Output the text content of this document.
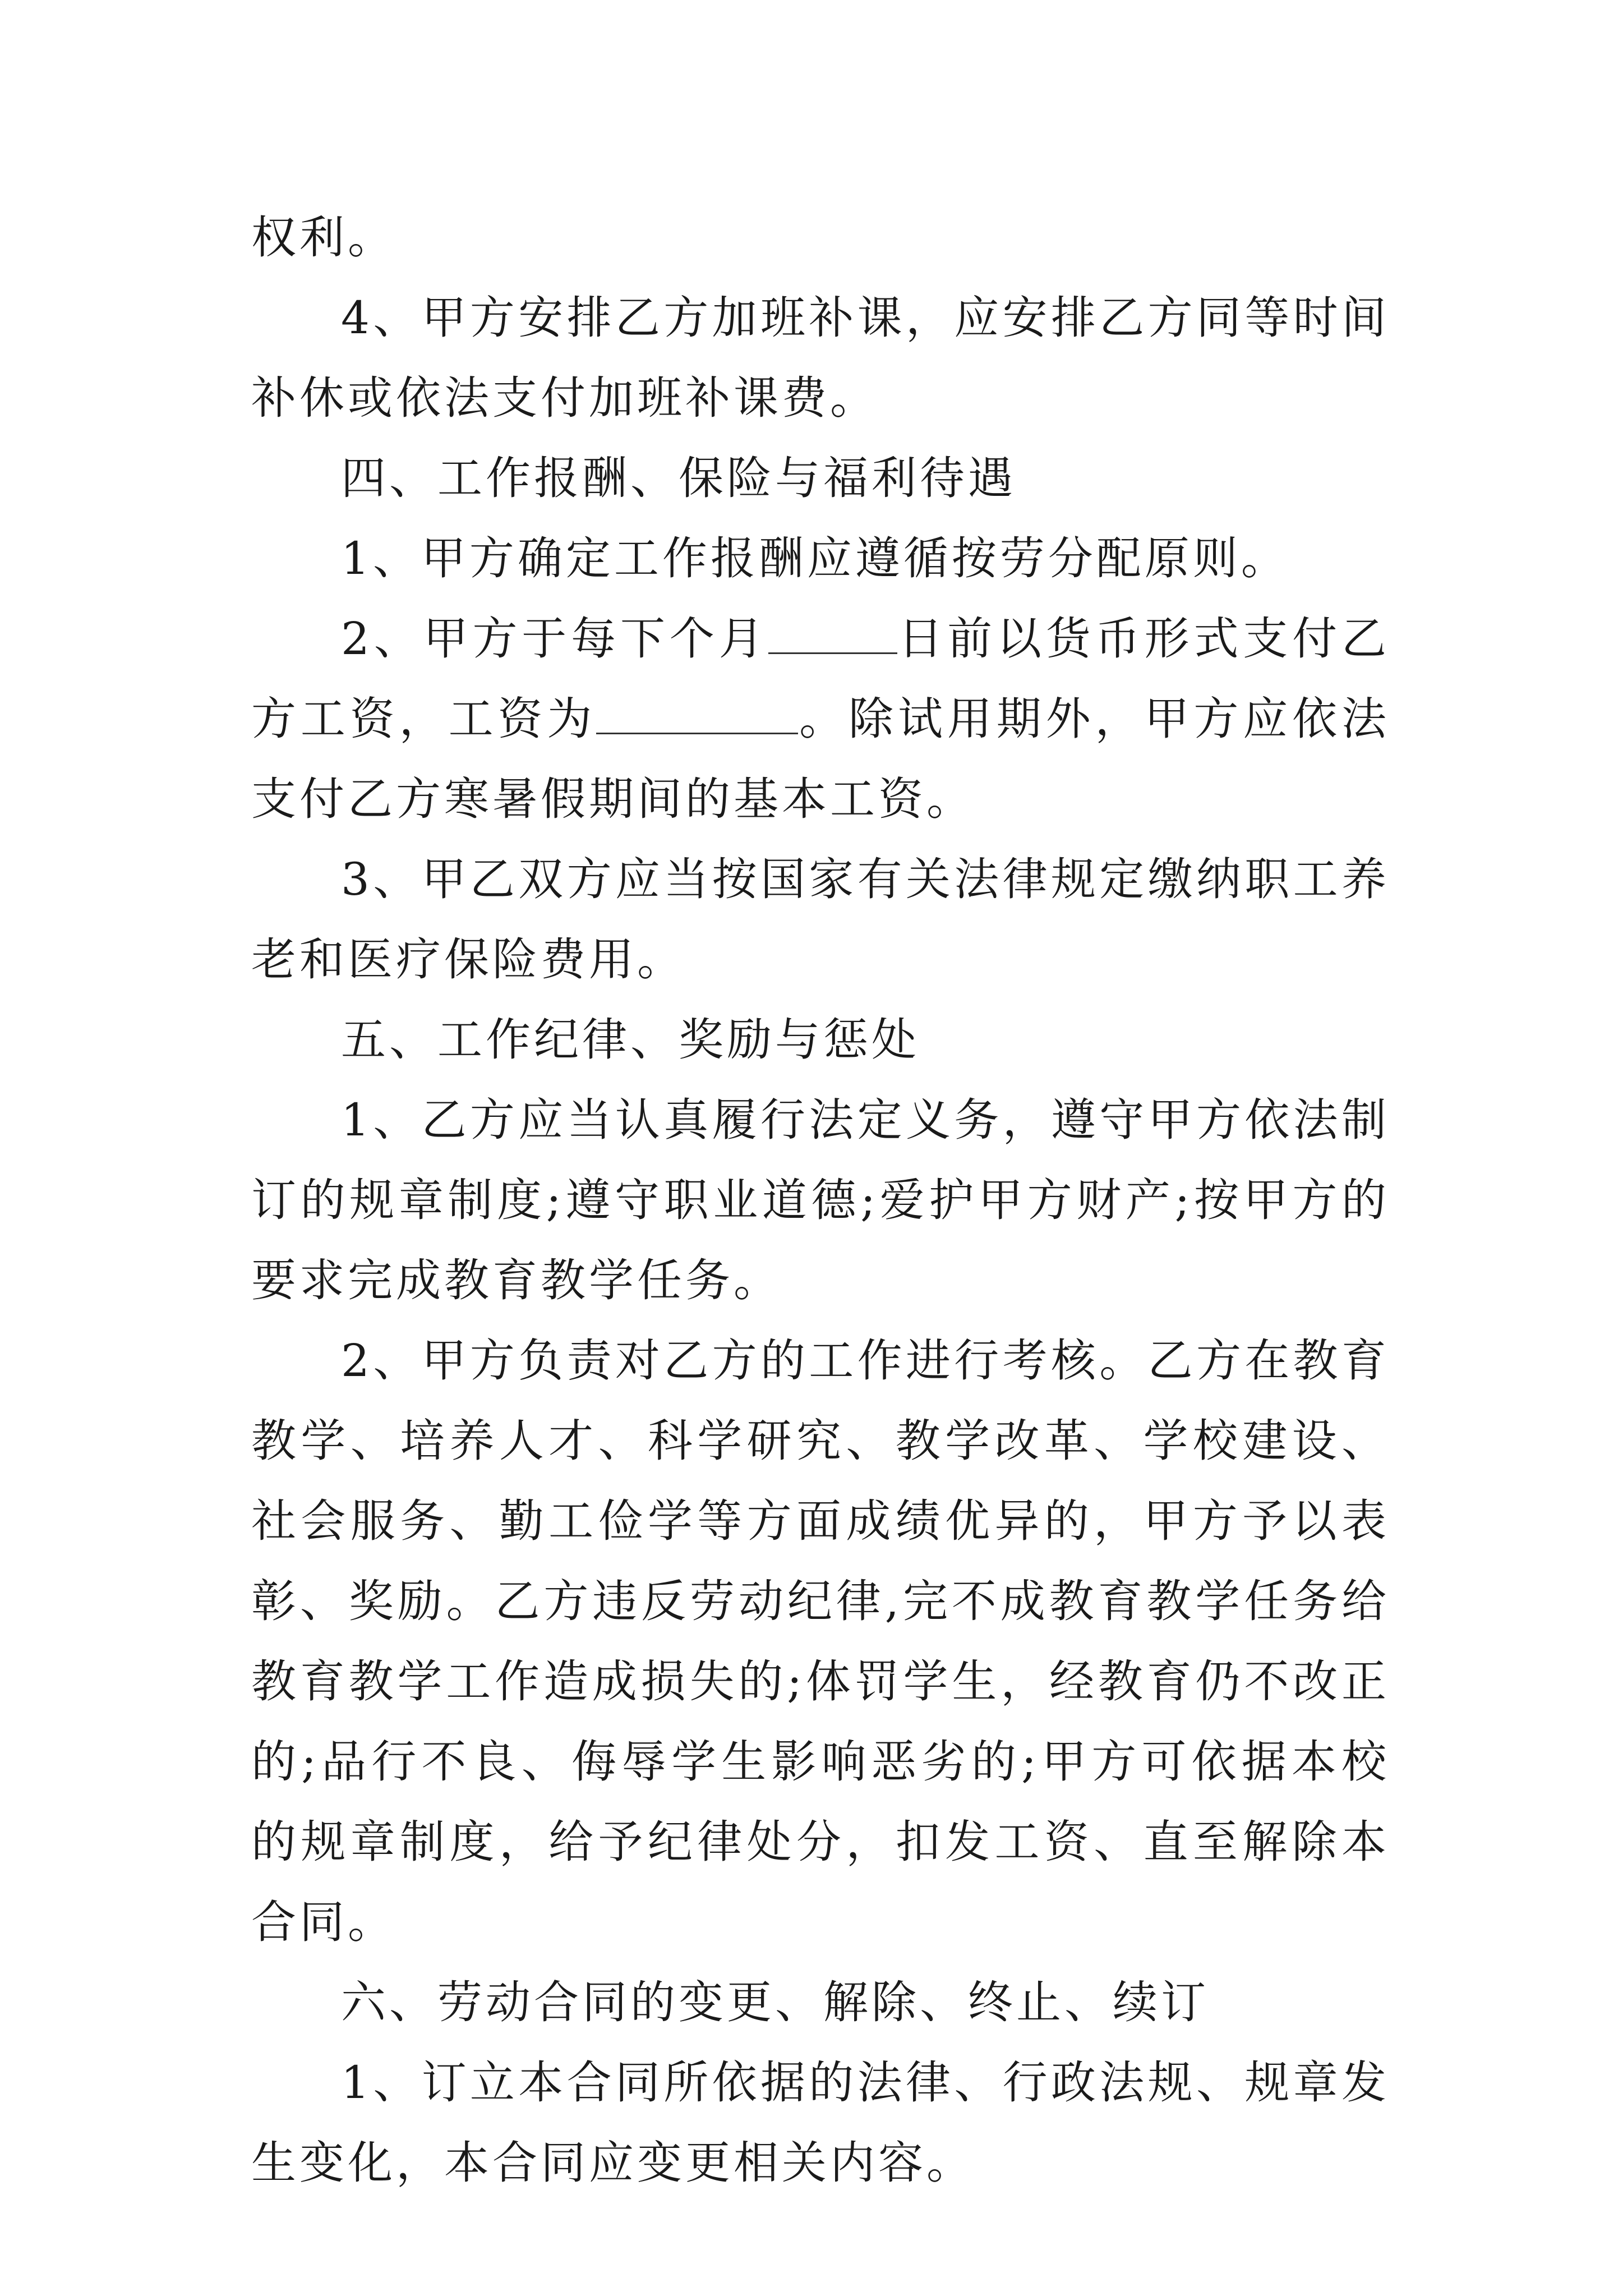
权利。

4、甲方安排乙方加班补课，应安排乙方同等时间补休或依法支付加班补课费。

四、工作报酬、保险与福利待遇

1、甲方确定工作报酬应遵循按劳分配原则。

2、甲方于每下个月	日前以货币形式支付乙方工资，工资为	。除试用期外，甲方应依法支付乙方寒暑假期间的基本工资。

3、甲乙双方应当按国家有关法律规定缴纳职工养老和医疗保险费用。

五、工作纪律、奖励与惩处

1、乙方应当认真履行法定义务，遵守甲方依法制订的规章制度;遵守职业道德;爱护甲方财产;按甲方的要求完成教育教学任务。

2、甲方负责对乙方的工作进行考核。乙方在教育教学、培养人才、科学研究、教学改革、学校建设、社会服务、勤工俭学等方面成绩优异的，甲方予以表彰、奖励。乙方违反劳动纪律,完不成教育教学任务给教育教学工作造成损失的;体罚学生，经教育仍不改正的;品行不良、侮辱学生影响恶劣的;甲方可依据本校的规章制度，给予纪律处分，扣发工资、直至解除本合同。

六、劳动合同的变更、解除、终止、续订

1、订立本合同所依据的法律、行政法规、规章发生变化，本合同应变更相关内容。
